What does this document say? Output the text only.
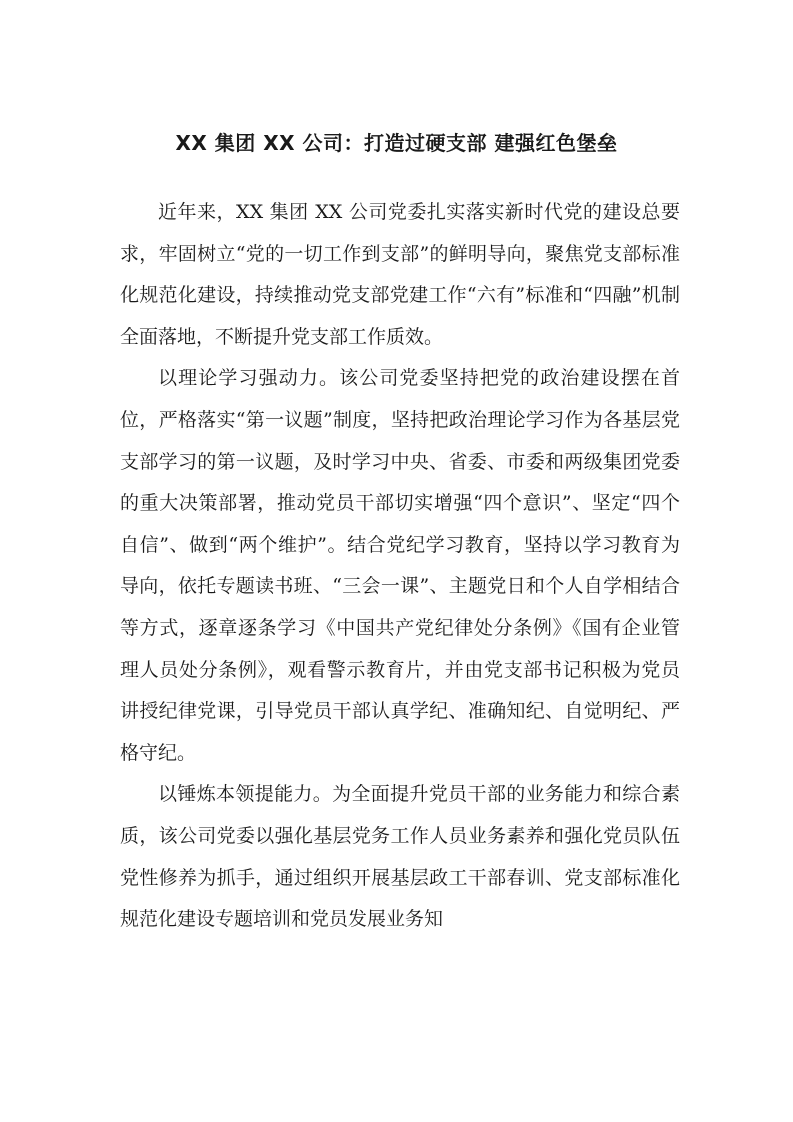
XX 集团 XX 公司：打造过硬支部 建强红色堡垒

近年来，XX 集团 XX 公司党委扎实落实新时代党的建设总要求，牢固树立“党的一切工作到支部”的鲜明导向，聚焦党支部标准化规范化建设，持续推动党支部党建工作“六有”标准和“四融”机制全面落地，不断提升党支部工作质效。

以理论学习强动力。该公司党委坚持把党的政治建设摆在首位，严格落实“第一议题”制度，坚持把政治理论学习作为各基层党支部学习的第一议题，及时学习中央、省委、市委和两级集团党委的重大决策部署，推动党员干部切实增强“四个意识”、坚定“四个自信”、做到“两个维护”。结合党纪学习教育，坚持以学习教育为导向，依托专题读书班、“三会一课”、主题党日和个人自学相结合等方式，逐章逐条学习《中国共产党纪律处分条例》《国有企业管理人员处分条例》，观看警示教育片，并由党支部书记积极为党员讲授纪律党课，引导党员干部认真学纪、准确知纪、自觉明纪、严格守纪。

以锤炼本领提能力。为全面提升党员干部的业务能力和综合素质，该公司党委以强化基层党务工作人员业务素养和强化党员队伍党性修养为抓手，通过组织开展基层政工干部春训、党支部标准化规范化建设专题培训和党员发展业务知
